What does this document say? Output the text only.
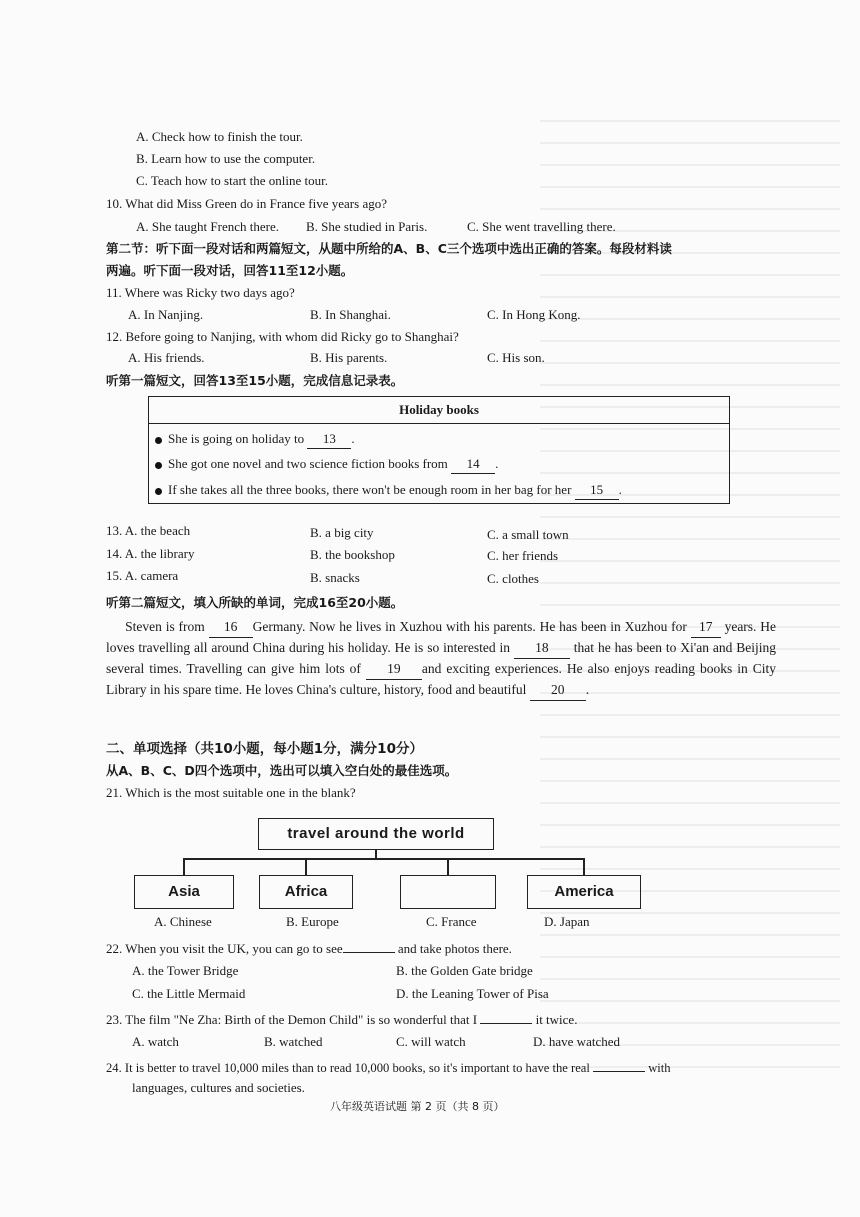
A. Check how to finish the tour.
B. Learn how to use the computer.
C. Teach how to start the online tour.
10. What did Miss Green do in France five years ago?
A. She taught French there. B. She studied in Paris.	C. She went travelling there.
第二节：听下面一段对话和两篇短文，从题中所给的A、B、C三个选项中选出正确的答案。每段材料读
两遍。听下面一段对话，回答11至12小题。
11. Where was Ricky two days ago?
A. In Nanjing.	B. In Shanghai.	C. In Hong Kong.
12. Before going to Nanjing, with whom did Ricky go to Shanghai?
A. His friends.	B. His parents.	C. His son.
听第一篇短文，回答13至15小题，完成信息记录表。
Holiday books
She is going on holiday to 13 .
She got one novel and two science fiction books from 14 .
If she takes all the three books, there won't be enough room in her bag for her 15 .
13. A. the beach	B. a big city	C. a small town
14. A. the library	B. the bookshop	C. her friends
15. A. camera	B. snacks	C. clothes
听第二篇短文，填入所缺的单词，完成16至20小题。

Steven is from 16 Germany. Now he lives in Xuzhou with his parents. He has been in Xuzhou for 17 years. He loves travelling all around China during his holiday. He is so interested in 18 that he has been to Xi'an and Beijing several times. Travelling can give him lots of 19 and exciting experiences. He also enjoys reading books in City Library in his spare time. He loves China's culture, history, food and beautiful 20 .

二、单项选择（共10小题，每小题1分，满分10分）
从A、B、C、D四个选项中，选出可以填入空白处的最佳选项。
21. Which is the most suitable one in the blank?
travel around the world
Asia	Africa	America
A. Chinese	B. Europe	C. France	D. Japan
22. When you visit the UK, you can go to see	and take photos there.
A. the Tower Bridge	B. the Golden Gate bridge
C. the Little Mermaid	D. the Leaning Tower of Pisa
23. The film "Ne Zha: Birth of the Demon Child" is so wonderful that I	it twice.
A. watch	B. watched	C. will watch	D. have watched
24. It is better to travel 10,000 miles than to read 10,000 books, so it's important to have the real	with
languages, cultures and societies.
八年级英语试题 第 2 页（共 8 页）
